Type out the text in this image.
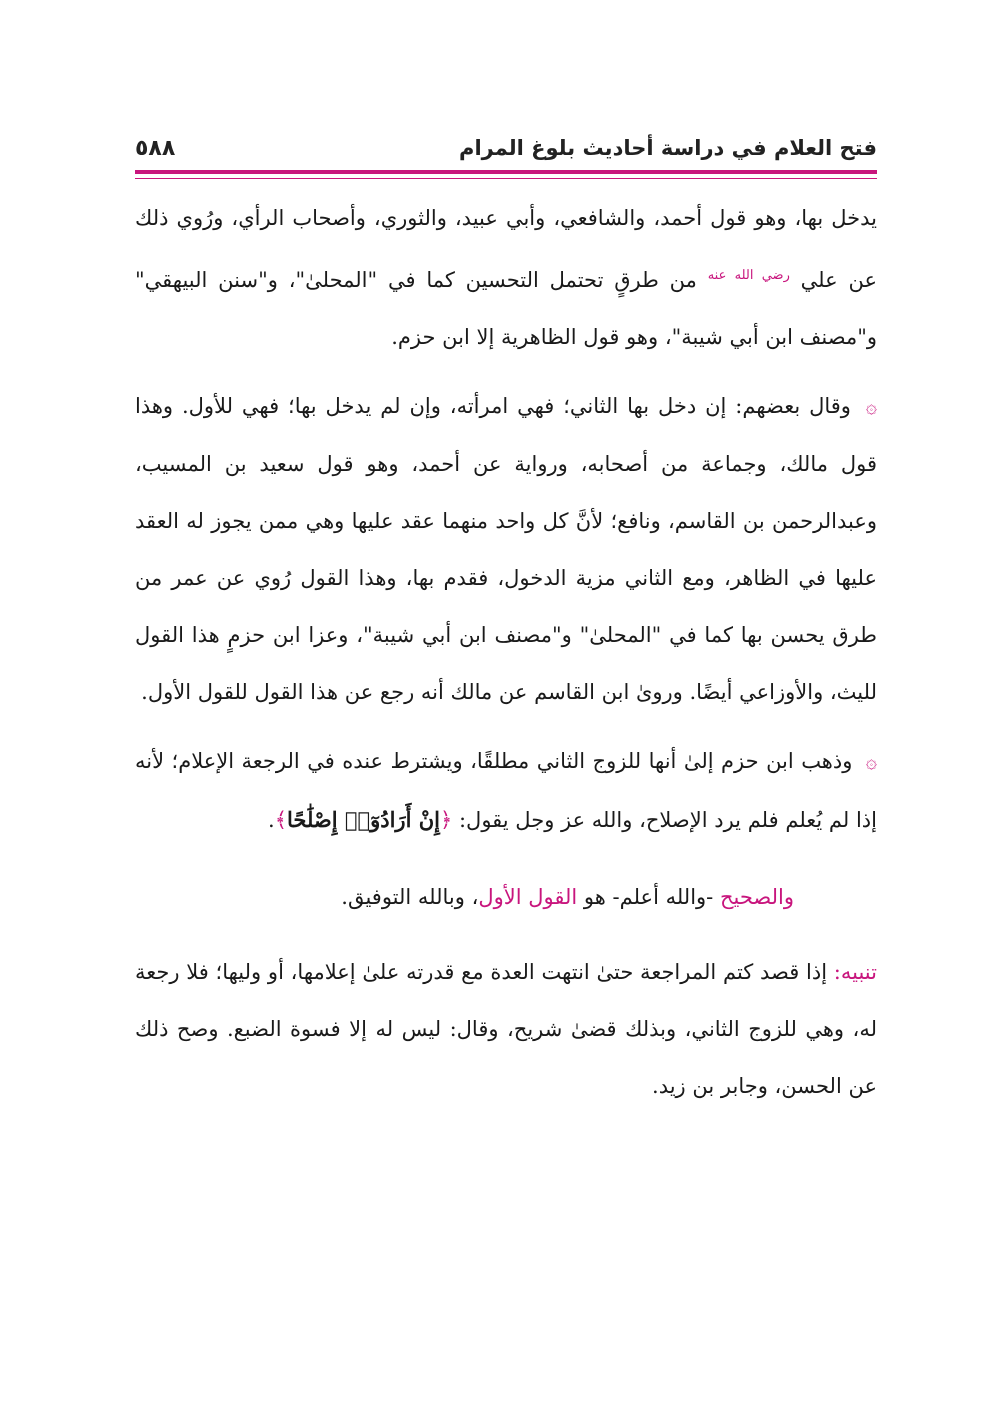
فتح العلام في دراسة أحاديث بلوغ المرام
٥٨٨

يدخل بها، وهو قول أحمد، والشافعي، وأبي عبيد، والثوري، وأصحاب الرأي، ورُوي ذلك عن علي $^{رضي الله عنه}$ من طرقٍ تحتمل التحسين كما في "المحلىٰ"، و"سنن البيهقي" و"مصنف ابن أبي شيبة"، وهو قول الظاهرية إلا ابن حزم.

۞ وقال بعضهم: إن دخل بها الثاني؛ فهي امرأته، وإن لم يدخل بها؛ فهي للأول. وهذا قول مالك، وجماعة من أصحابه، ورواية عن أحمد، وهو قول سعيد بن المسيب، وعبدالرحمن بن القاسم، ونافع؛ لأنَّ كل واحد منهما عقد عليها وهي ممن يجوز له العقد عليها في الظاهر، ومع الثاني مزية الدخول، فقدم بها، وهذا القول رُوي عن عمر من طرق يحسن بها كما في "المحلىٰ" و"مصنف ابن أبي شيبة"، وعزا ابن حزمٍ هذا القول لليث، والأوزاعي أيضًا. وروىٰ ابن القاسم عن مالك أنه رجع عن هذا القول للقول الأول.

۞ وذهب ابن حزم إلىٰ أنها للزوج الثاني مطلقًا، ويشترط عنده في الرجعة الإعلام؛ لأنه إذا لم يُعلم فلم يرد الإصلاح، والله عز وجل يقول: ﴿إِنْ أَرَادُوٓا۟ إِصْلَٰحًا﴾.

والصحيح -والله أعلم- هو القول الأول، وبالله التوفيق.

تنبيه: إذا قصد كتم المراجعة حتىٰ انتهت العدة مع قدرته علىٰ إعلامها، أو وليها؛ فلا رجعة له، وهي للزوج الثاني، وبذلك قضىٰ شريح، وقال: ليس له إلا فسوة الضبع. وصح ذلك عن الحسن، وجابر بن زيد.
